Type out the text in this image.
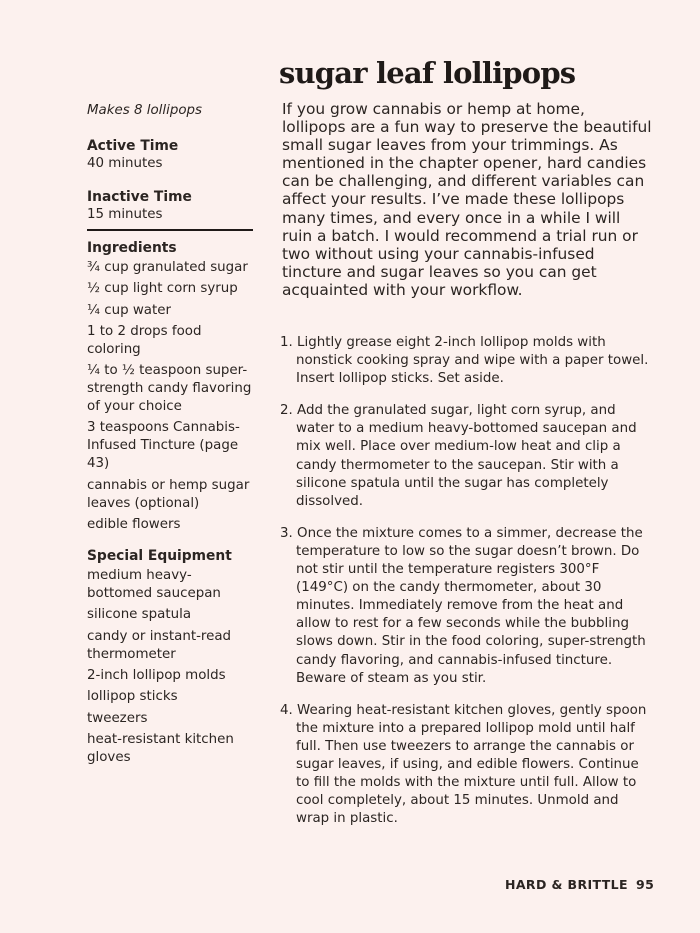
sugar leaf lollipops

Makes 8 lollipops

Active Time

40 minutes

Inactive Time

15 minutes

Ingredients

¾ cup granulated sugar
½ cup light corn syrup
¼ cup water
1 to 2 drops food coloring
¼ to ½ teaspoon super-strength candy flavoring of your choice
3 teaspoons Cannabis-Infused Tincture (page 43)
cannabis or hemp sugar leaves (optional)
edible flowers

Special Equipment

medium heavy-bottomed saucepan
silicone spatula
candy or instant-read thermometer
2-inch lollipop molds
lollipop sticks
tweezers
heat-resistant kitchen gloves

If you grow cannabis or hemp at home, lollipops are a fun way to preserve the beautiful small sugar leaves from your trimmings. As mentioned in the chapter opener, hard candies can be challenging, and different variables can affect your results. I’ve made these lollipops many times, and every once in a while I will ruin a batch. I would recommend a trial run or two without using your cannabis-infused tincture and sugar leaves so you can get acquainted with your workflow.

1. Lightly grease eight 2-inch lollipop molds with nonstick cooking spray and wipe with a paper towel. Insert lollipop sticks. Set aside.
2. Add the granulated sugar, light corn syrup, and water to a medium heavy-bottomed saucepan and mix well. Place over medium-low heat and clip a candy thermometer to the saucepan. Stir with a silicone spatula until the sugar has completely dissolved.
3. Once the mixture comes to a simmer, decrease the temperature to low so the sugar doesn’t brown. Do not stir until the temperature registers 300°F (149°C) on the candy thermometer, about 30 minutes. Immediately remove from the heat and allow to rest for a few seconds while the bubbling slows down. Stir in the food coloring, super-strength candy flavoring, and cannabis-infused tincture. Beware of steam as you stir.
4. Wearing heat-resistant kitchen gloves, gently spoon the mixture into a prepared lollipop mold until half full. Then use tweezers to arrange the cannabis or sugar leaves, if using, and edible flowers. Continue to fill the molds with the mixture until full. Allow to cool completely, about 15 minutes. Unmold and wrap in plastic.
HARD & BRITTLE 95
